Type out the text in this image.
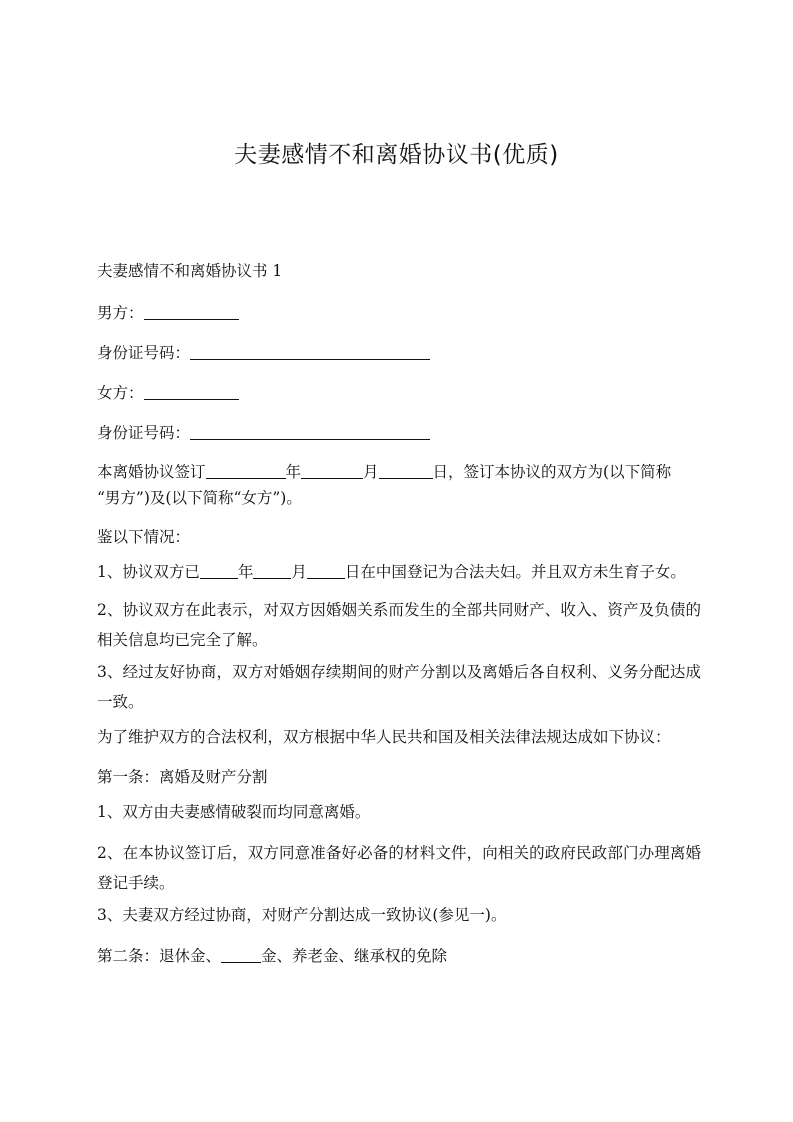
夫妻感情不和离婚协议书(优质)
夫妻感情不和离婚协议书 1
男方：
身份证号码：
女方：
身份证号码：
本离婚协议签订	年	月	日，签订本协议的双方为(以下简称
“男方”)及(以下简称“女方”)。
鉴以下情况：
1、协议双方已 年 月 日在中国登记为合法夫妇。并且双方未生育子女。
2、协议双方在此表示，对双方因婚姻关系而发生的全部共同财产、收入、资产及负债的相关信息均已完全了解。
3、经过友好协商，双方对婚姻存续期间的财产分割以及离婚后各自权利、义务分配达成一致。
为了维护双方的合法权利，双方根据中华人民共和国及相关法律法规达成如下协议：
第一条：离婚及财产分割
1、双方由夫妻感情破裂而均同意离婚。
2、在本协议签订后，双方同意准备好必备的材料文件，向相关的政府民政部门办理离婚登记手续。
3、夫妻双方经过协商，对财产分割达成一致协议(参见一)。
第二条：退休金、	金、养老金、继承权的免除
